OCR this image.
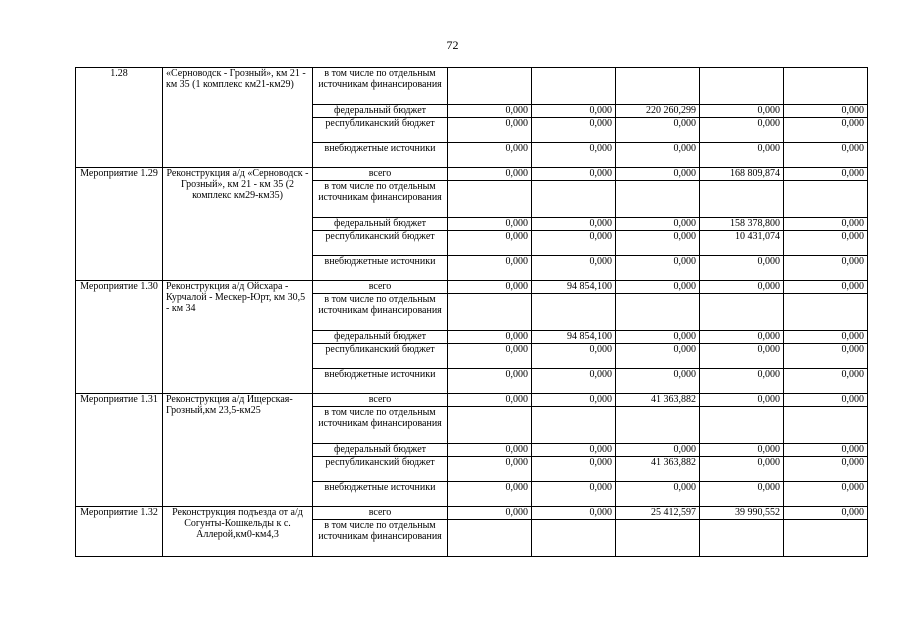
72
1.28	«Серноводск - Грозный», км 21 - км 35 (1 комплекс км21-км29)	в том числе по отдельным источникам финансирования					
		федеральный бюджет	0,000	0,000	220 260,299	0,000	0,000
		республиканский бюджет	0,000	0,000	0,000	0,000	0,000
		внебюджетные источники	0,000	0,000	0,000	0,000	0,000
Мероприятие 1.29	Реконструкция а/д «Серноводск - Грозный», км 21 - км 35 (2 комплекс км29-км35)	всего	0,000	0,000	0,000	168 809,874	0,000
		в том числе по отдельным источникам финансирования					
		федеральный бюджет	0,000	0,000	0,000	158 378,800	0,000
		республиканский бюджет	0,000	0,000	0,000	10 431,074	0,000
		внебюджетные источники	0,000	0,000	0,000	0,000	0,000
Мероприятие 1.30	Реконструкция а/д Ойсхара - Курчалой - Мескер-Юрт, км 30,5 - км 34	всего	0,000	94 854,100	0,000	0,000	0,000
		в том числе по отдельным источникам финансирования					
		федеральный бюджет	0,000	94 854,100	0,000	0,000	0,000
		республиканский бюджет	0,000	0,000	0,000	0,000	0,000
		внебюджетные источники	0,000	0,000	0,000	0,000	0,000
Мероприятие 1.31	Реконструкция а/д Ищерская-Грозный,км 23,5-км25	всего	0,000	0,000	41 363,882	0,000	0,000
		в том числе по отдельным источникам финансирования					
		федеральный бюджет	0,000	0,000	0,000	0,000	0,000
		республиканский бюджет	0,000	0,000	41 363,882	0,000	0,000
		внебюджетные источники	0,000	0,000	0,000	0,000	0,000
Мероприятие 1.32	Реконструкция подъезда от а/д Согунты-Кошкельды к с. Аллерой,км0-км4,3	всего	0,000	0,000	25 412,597	39 990,552	0,000
		в том числе по отдельным источникам финансирования					
